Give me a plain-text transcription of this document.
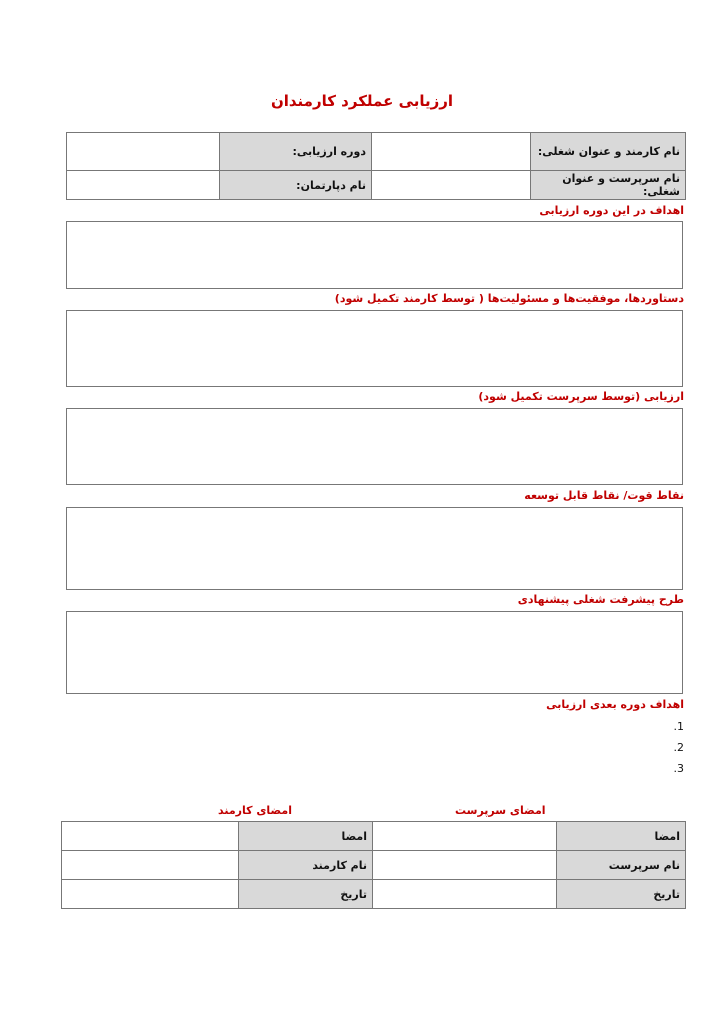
ارزیابی عملکرد کارمندان
نام کارمند و عنوان شغلی:		دوره ارزیابی:	
نام سرپرست و عنوان شغلی:		نام دپارتمان:	
اهداف در این دوره ارزیابی
دستاوردها، موفقیت‌ها و مسئولیت‌ها ( توسط کارمند تکمیل شود)
ارزیابی (توسط سرپرست تکمیل شود)
نقاط قوت/ نقاط قابل توسعه
طرح پیشرفت شغلی پیشنهادی
اهداف دوره بعدی ارزیابی
1.
2.
3.
امضای سرپرست
امضای کارمند
امضا		امضا	
نام سرپرست		نام کارمند	
تاریخ		تاریخ	
